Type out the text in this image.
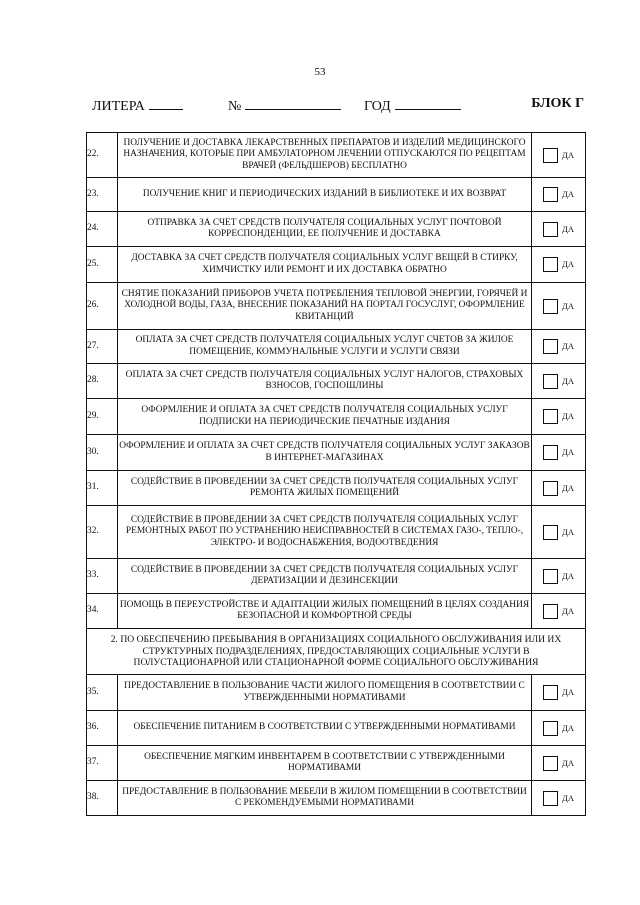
53
ЛИТЕРА	№	ГОД	БЛОК Г
22.	ПОЛУЧЕНИЕ И ДОСТАВКА ЛЕКАРСТВЕННЫХ ПРЕПАРАТОВ И ИЗДЕЛИЙ МЕДИЦИНСКОГО НАЗНАЧЕНИЯ, КОТОРЫЕ ПРИ АМБУЛАТОРНОМ ЛЕЧЕНИИ ОТПУСКАЮТСЯ ПО РЕЦЕПТАМ ВРАЧЕЙ (ФЕЛЬДШЕРОВ) БЕСПЛАТНО	ДА

23.	ПОЛУЧЕНИЕ КНИГ И ПЕРИОДИЧЕСКИХ ИЗДАНИЙ В БИБЛИОТЕКЕ И ИХ ВОЗВРАТ	ДА

24.	ОТПРАВКА ЗА СЧЕТ СРЕДСТВ ПОЛУЧАТЕЛЯ СОЦИАЛЬНЫХ УСЛУГ ПОЧТОВОЙ КОРРЕСПОНДЕНЦИИ, ЕЕ ПОЛУЧЕНИЕ И ДОСТАВКА	ДА

25.	ДОСТАВКА ЗА СЧЕТ СРЕДСТВ ПОЛУЧАТЕЛЯ СОЦИАЛЬНЫХ УСЛУГ ВЕЩЕЙ В СТИРКУ, ХИМЧИСТКУ ИЛИ РЕМОНТ И ИХ ДОСТАВКА ОБРАТНО	ДА

26.	СНЯТИЕ ПОКАЗАНИЙ ПРИБОРОВ УЧЕТА ПОТРЕБЛЕНИЯ ТЕПЛОВОЙ ЭНЕРГИИ, ГОРЯЧЕЙ И ХОЛОДНОЙ ВОДЫ, ГАЗА, ВНЕСЕНИЕ ПОКАЗАНИЙ НА ПОРТАЛ ГОСУСЛУГ, ОФОРМЛЕНИЕ КВИТАНЦИЙ	ДА

27.	ОПЛАТА ЗА СЧЕТ СРЕДСТВ ПОЛУЧАТЕЛЯ СОЦИАЛЬНЫХ УСЛУГ СЧЕТОВ ЗА ЖИЛОЕ ПОМЕЩЕНИЕ, КОММУНАЛЬНЫЕ УСЛУГИ И УСЛУГИ СВЯЗИ	ДА

28.	ОПЛАТА ЗА СЧЕТ СРЕДСТВ ПОЛУЧАТЕЛЯ СОЦИАЛЬНЫХ УСЛУГ НАЛОГОВ, СТРАХОВЫХ ВЗНОСОВ, ГОСПОШЛИНЫ	ДА

29.	ОФОРМЛЕНИЕ И ОПЛАТА ЗА СЧЕТ СРЕДСТВ ПОЛУЧАТЕЛЯ СОЦИАЛЬНЫХ УСЛУГ ПОДПИСКИ НА ПЕРИОДИЧЕСКИЕ ПЕЧАТНЫЕ ИЗДАНИЯ	ДА

30.	ОФОРМЛЕНИЕ И ОПЛАТА ЗА СЧЕТ СРЕДСТВ ПОЛУЧАТЕЛЯ СОЦИАЛЬНЫХ УСЛУГ ЗАКАЗОВ В ИНТЕРНЕТ-МАГАЗИНАХ	ДА

31.	СОДЕЙСТВИЕ В ПРОВЕДЕНИИ ЗА СЧЕТ СРЕДСТВ ПОЛУЧАТЕЛЯ СОЦИАЛЬНЫХ УСЛУГ РЕМОНТА ЖИЛЫХ ПОМЕЩЕНИЙ	ДА

32.	СОДЕЙСТВИЕ В ПРОВЕДЕНИИ ЗА СЧЕТ СРЕДСТВ ПОЛУЧАТЕЛЯ СОЦИАЛЬНЫХ УСЛУГ РЕМОНТНЫХ РАБОТ ПО УСТРАНЕНИЮ НЕИСПРАВНОСТЕЙ В СИСТЕМАХ ГАЗО-, ТЕПЛО-, ЭЛЕКТРО- И ВОДОСНАБЖЕНИЯ, ВОДООТВЕДЕНИЯ	ДА

33.	СОДЕЙСТВИЕ В ПРОВЕДЕНИИ ЗА СЧЕТ СРЕДСТВ ПОЛУЧАТЕЛЯ СОЦИАЛЬНЫХ УСЛУГ ДЕРАТИЗАЦИИ И ДЕЗИНСЕКЦИИ	ДА

34.	ПОМОЩЬ В ПЕРЕУСТРОЙСТВЕ И АДАПТАЦИИ ЖИЛЫХ ПОМЕЩЕНИЙ В ЦЕЛЯХ СОЗДАНИЯ БЕЗОПАСНОЙ И КОМФОРТНОЙ СРЕДЫ	ДА

2. ПО ОБЕСПЕЧЕНИЮ ПРЕБЫВАНИЯ В ОРГАНИЗАЦИЯХ СОЦИАЛЬНОГО ОБСЛУЖИВАНИЯ ИЛИ ИХ СТРУКТУРНЫХ ПОДРАЗДЕЛЕНИЯХ, ПРЕДОСТАВЛЯЮЩИХ СОЦИАЛЬНЫЕ УСЛУГИ В ПОЛУСТАЦИОНАРНОЙ ИЛИ СТАЦИОНАРНОЙ ФОРМЕ СОЦИАЛЬНОГО ОБСЛУЖИВАНИЯ		
35.	ПРЕДОСТАВЛЕНИЕ В ПОЛЬЗОВАНИЕ ЧАСТИ ЖИЛОГО ПОМЕЩЕНИЯ В СООТВЕТСТВИИ С УТВЕРЖДЕННЫМИ НОРМАТИВАМИ	ДА

36.	ОБЕСПЕЧЕНИЕ ПИТАНИЕМ В СООТВЕТСТВИИ С УТВЕРЖДЕННЫМИ НОРМАТИВАМИ	ДА

37.	ОБЕСПЕЧЕНИЕ МЯГКИМ ИНВЕНТАРЕМ В СООТВЕТСТВИИ С УТВЕРЖДЕННЫМИ НОРМАТИВАМИ	ДА

38.	ПРЕДОСТАВЛЕНИЕ В ПОЛЬЗОВАНИЕ МЕБЕЛИ В ЖИЛОМ ПОМЕЩЕНИИ В СООТВЕТСТВИИ С РЕКОМЕНДУЕМЫМИ НОРМАТИВАМИ	ДА
